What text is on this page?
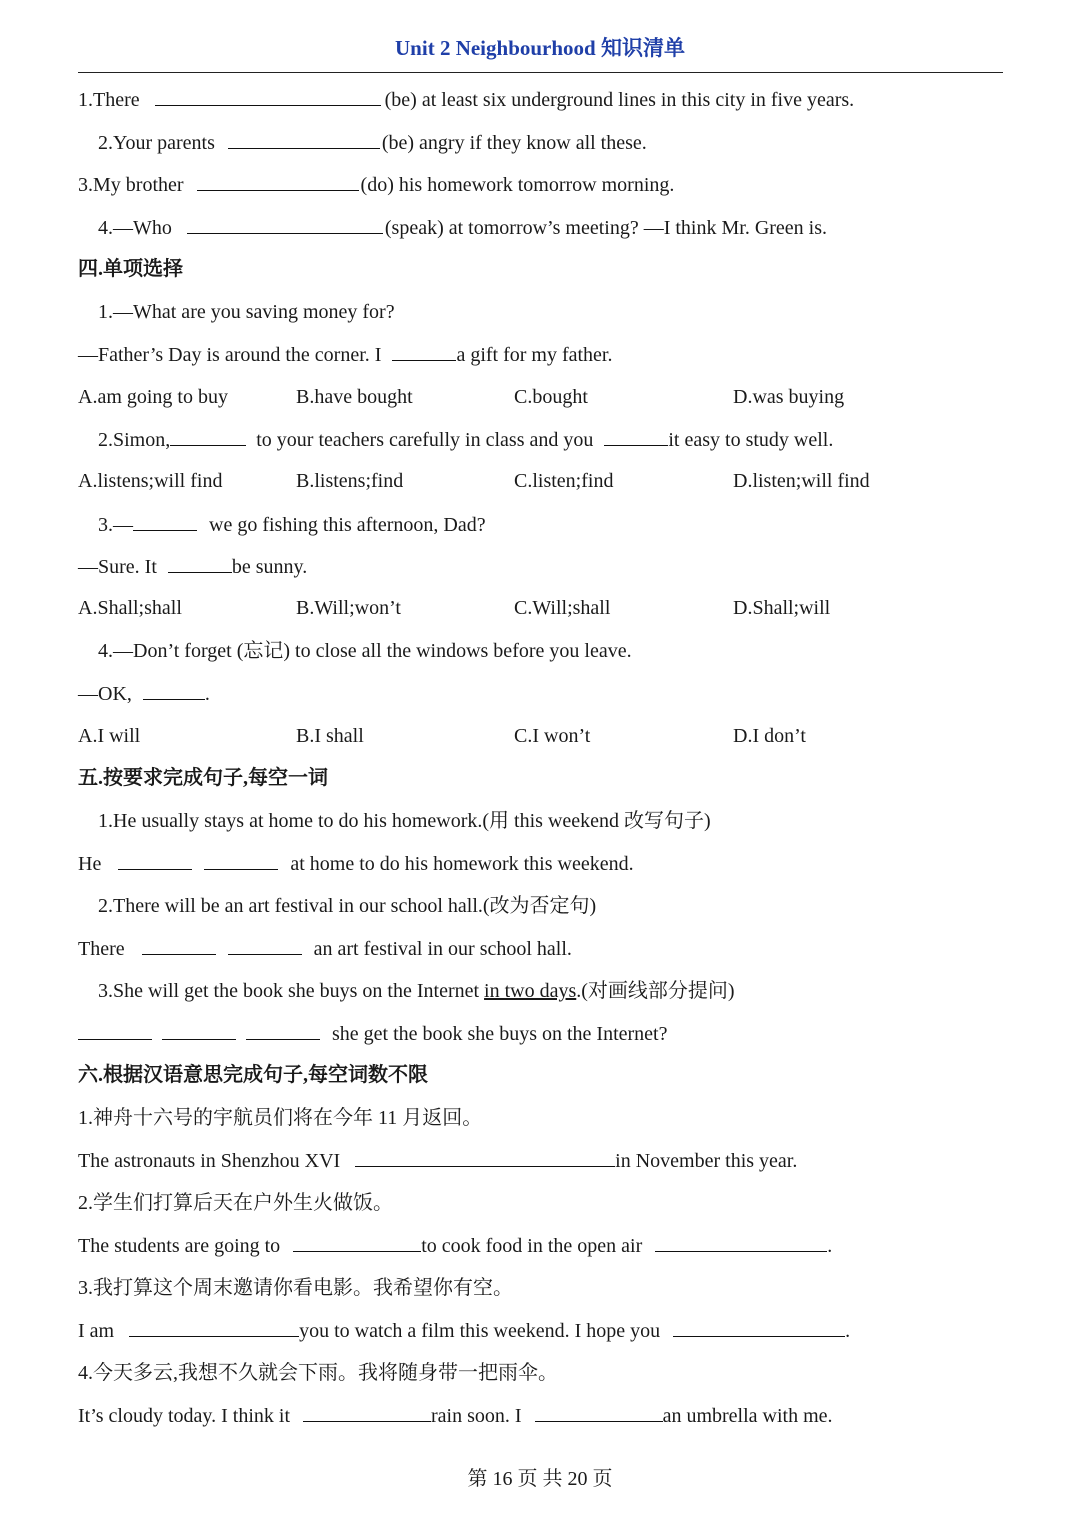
Unit 2 Neighbourhood 知识清单
1.There	(be) at least six underground lines in this city in five years.
2.Your parents	(be) angry if they know all these.
3.My brother	(do) his homework tomorrow morning.
4.—Who	(speak) at tomorrow’s meeting? —I think Mr. Green is.
四.单项选择
1.—What are you saving money for?
—Father’s Day is around the corner. I	a gift for my father.
A.am going to buy	B.have bought	C.bought	D.was buying
2.Simon,	to your teachers carefully in class and you	it easy to study well.
A.listens;will find	B.listens;find	C.listen;find	D.listen;will find
3.—	we go fishing this afternoon, Dad?
—Sure. It	be sunny.
A.Shall;shall	B.Will;won’t	C.Will;shall	D.Shall;will
4.—Don’t forget (忘记) to close all the windows before you leave.
—OK,	.
A.I will	B.I shall	C.I won’t	D.I don’t
五.按要求完成句子,每空一词
1.He usually stays at home to do his homework.(用 this weekend 改写句子)
He	at home to do his homework this weekend.
2.There will be an art festival in our school hall.(改为否定句)
There	an art festival in our school hall.
3.She will get the book she buys on the Internet in two days.(对画线部分提问)
she get the book she buys on the Internet?
六.根据汉语意思完成句子,每空词数不限
1.神舟十六号的宇航员们将在今年 11 月返回。
The astronauts in Shenzhou XVI	in November this year.
2.学生们打算后天在户外生火做饭。
The students are going to	to cook food in the open air	.
3.我打算这个周末邀请你看电影。我希望你有空。
I am	you to watch a film this weekend. I hope you	.
4.今天多云,我想不久就会下雨。我将随身带一把雨伞。
It’s cloudy today. I think it	rain soon. I	an umbrella with me.
第 16 页 共 20 页
